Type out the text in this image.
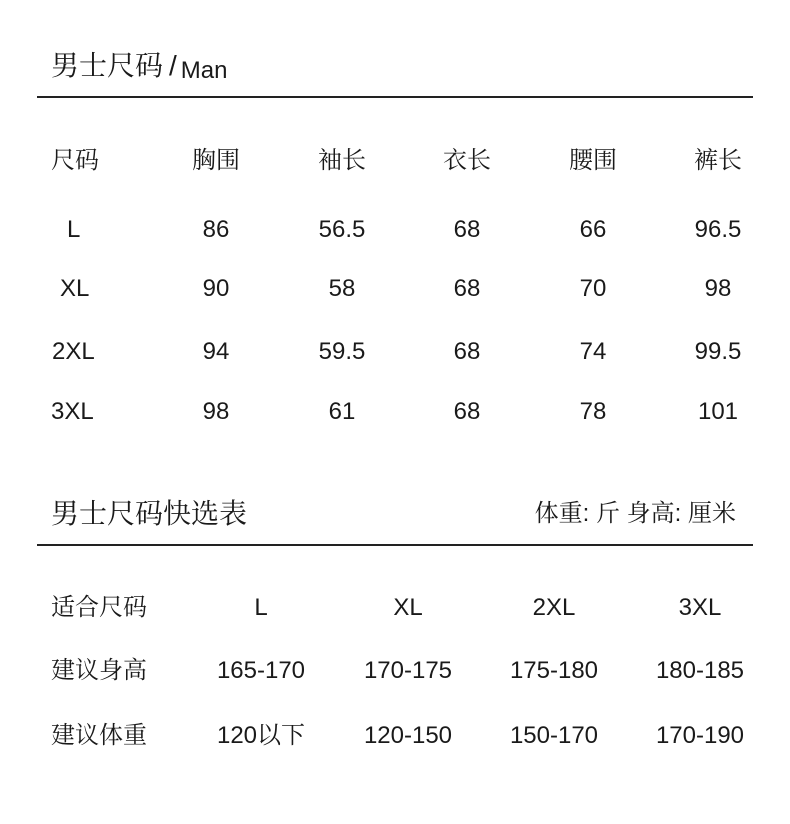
男士尺码 / Man
尺码	胸围	袖长	衣长	腰围	裤长
L	86	56.5	68	66	96.5
XL	90	58	68	70	98
2XL	94	59.5	68	74	99.5
3XL	98	61	68	78	101
男士尺码快选表	体重: 斤 身高: 厘米
适合尺码	L	XL	2XL	3XL
建议身高	165-170	170-175	175-180	180-185
建议体重	120以下	120-150	150-170	170-190
